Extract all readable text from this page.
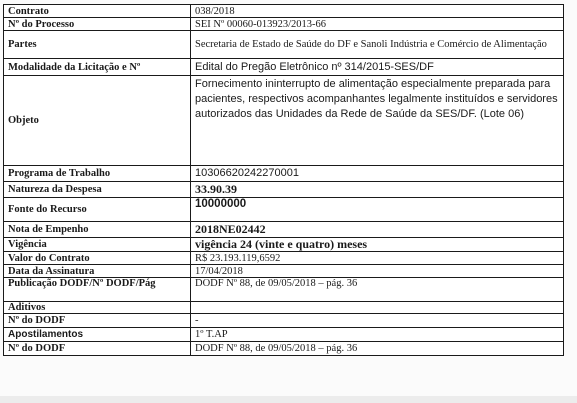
Contrato	038/2018
Nº do Processo	SEI Nº 00060-013923/2013-66
Partes	Secretaria de Estado de Saúde do DF e Sanoli Indústria e Comércio de Alimentação
Modalidade da Licitação e Nº	Edital do Pregão Eletrônico nº 314/2015-SES/DF
Objeto	Fornecimento ininterrupto de alimentação especialmente preparada para pacientes, respectivos acompanhantes legalmente instituídos e servidores autorizados das Unidades da Rede de Saúde da SES/DF. (Lote 06)
Programa de Trabalho	10306620242270001
Natureza da Despesa	33.90.39
Fonte do Recurso	10000000
Nota de Empenho	2018NE02442
Vigência	vigência 24 (vinte e quatro) meses
Valor do Contrato	R$ 23.193.119,6592
Data da Assinatura	17/04/2018
Publicação DODF/Nº DODF/Pág	DODF Nº 88, de 09/05/2018 – pág. 36
Aditivos	
Nº do DODF	-
Apostilamentos	1º T.AP
Nº do DODF	DODF Nº 88, de 09/05/2018 – pág. 36
